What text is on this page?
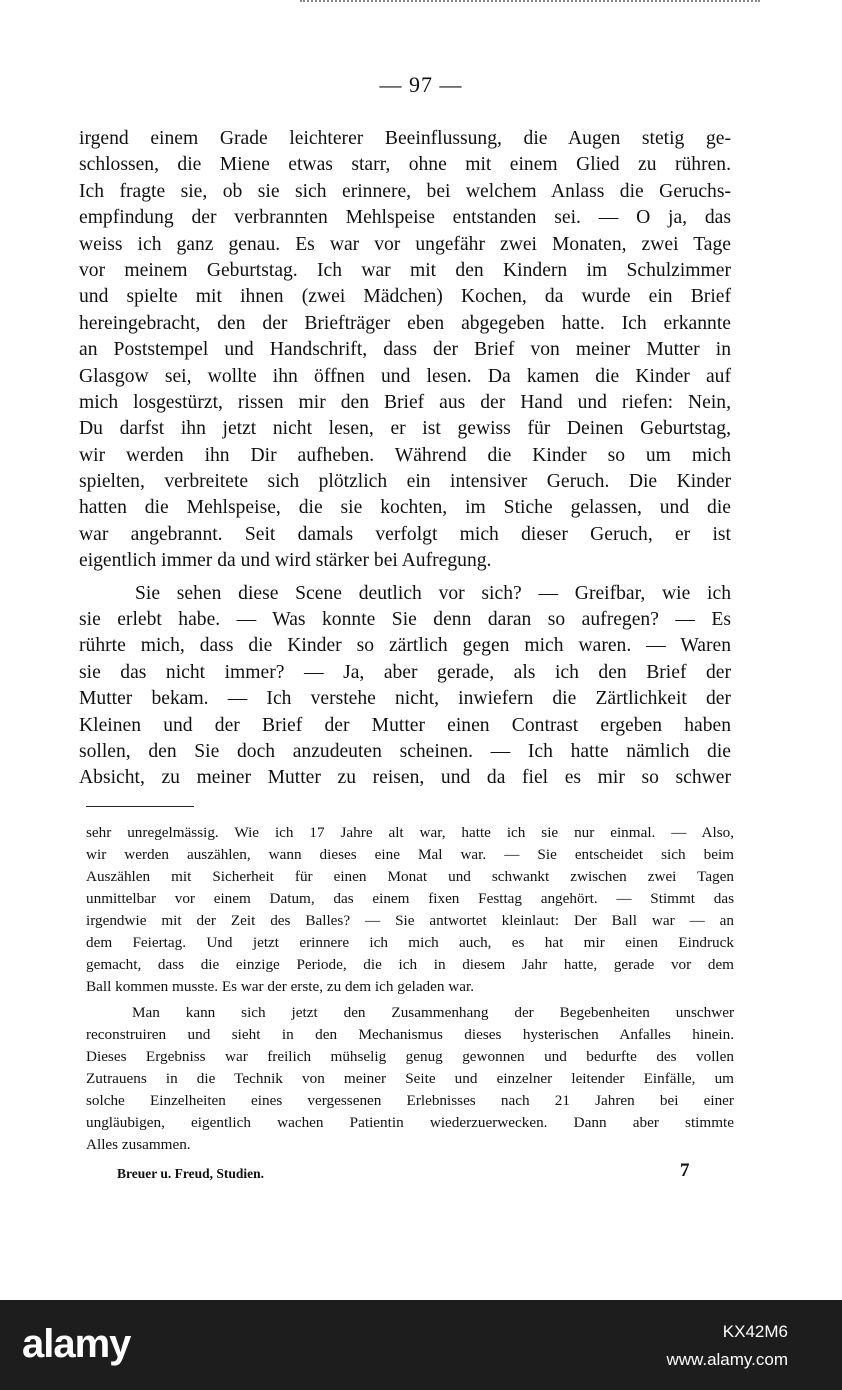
— 97 —
irgend einem Grade leichterer Beeinflussung, die Augen stetig ge-
schlossen, die Miene etwas starr, ohne mit einem Glied zu rühren.
Ich fragte sie, ob sie sich erinnere, bei welchem Anlass die Geruchs-
empfindung der verbrannten Mehlspeise entstanden sei. — O ja, das
weiss ich ganz genau. Es war vor ungefähr zwei Monaten, zwei Tage
vor meinem Geburtstag. Ich war mit den Kindern im Schulzimmer
und spielte mit ihnen (zwei Mädchen) Kochen, da wurde ein Brief
hereingebracht, den der Briefträger eben abgegeben hatte. Ich erkannte
an Poststempel und Handschrift, dass der Brief von meiner Mutter in
Glasgow sei, wollte ihn öffnen und lesen. Da kamen die Kinder auf
mich losgestürzt, rissen mir den Brief aus der Hand und riefen: Nein,
Du darfst ihn jetzt nicht lesen, er ist gewiss für Deinen Geburtstag,
wir werden ihn Dir aufheben. Während die Kinder so um mich
spielten, verbreitete sich plötzlich ein intensiver Geruch. Die Kinder
hatten die Mehlspeise, die sie kochten, im Stiche gelassen, und die
war angebrannt. Seit damals verfolgt mich dieser Geruch, er ist
eigentlich immer da und wird stärker bei Aufregung.
Sie sehen diese Scene deutlich vor sich? — Greifbar, wie ich
sie erlebt habe. — Was konnte Sie denn daran so aufregen? — Es
rührte mich, dass die Kinder so zärtlich gegen mich waren. — Waren
sie das nicht immer? — Ja, aber gerade, als ich den Brief der
Mutter bekam. — Ich verstehe nicht, inwiefern die Zärtlichkeit der
Kleinen und der Brief der Mutter einen Contrast ergeben haben
sollen, den Sie doch anzudeuten scheinen. — Ich hatte nämlich die
Absicht, zu meiner Mutter zu reisen, und da fiel es mir so schwer
sehr unregelmässig. Wie ich 17 Jahre alt war, hatte ich sie nur einmal. — Also,
wir werden auszählen, wann dieses eine Mal war. — Sie entscheidet sich beim
Auszählen mit Sicherheit für einen Monat und schwankt zwischen zwei Tagen
unmittelbar vor einem Datum, das einem fixen Festtag angehört. — Stimmt das
irgendwie mit der Zeit des Balles? — Sie antwortet kleinlaut: Der Ball war — an
dem Feiertag. Und jetzt erinnere ich mich auch, es hat mir einen Eindruck
gemacht, dass die einzige Periode, die ich in diesem Jahr hatte, gerade vor dem
Ball kommen musste. Es war der erste, zu dem ich geladen war.
Man kann sich jetzt den Zusammenhang der Begebenheiten unschwer
reconstruiren und sieht in den Mechanismus dieses hysterischen Anfalles hinein.
Dieses Ergebniss war freilich mühselig genug gewonnen und bedurfte des vollen
Zutrauens in die Technik von meiner Seite und einzelner leitender Einfälle, um
solche Einzelheiten eines vergessenen Erlebnisses nach 21 Jahren bei einer
ungläubigen, eigentlich wachen Patientin wiederzuerwecken. Dann aber stimmte
Alles zusammen.
Breuer u. Freud, Studien.	7
alamy	KX42M6
www.alamy.com
